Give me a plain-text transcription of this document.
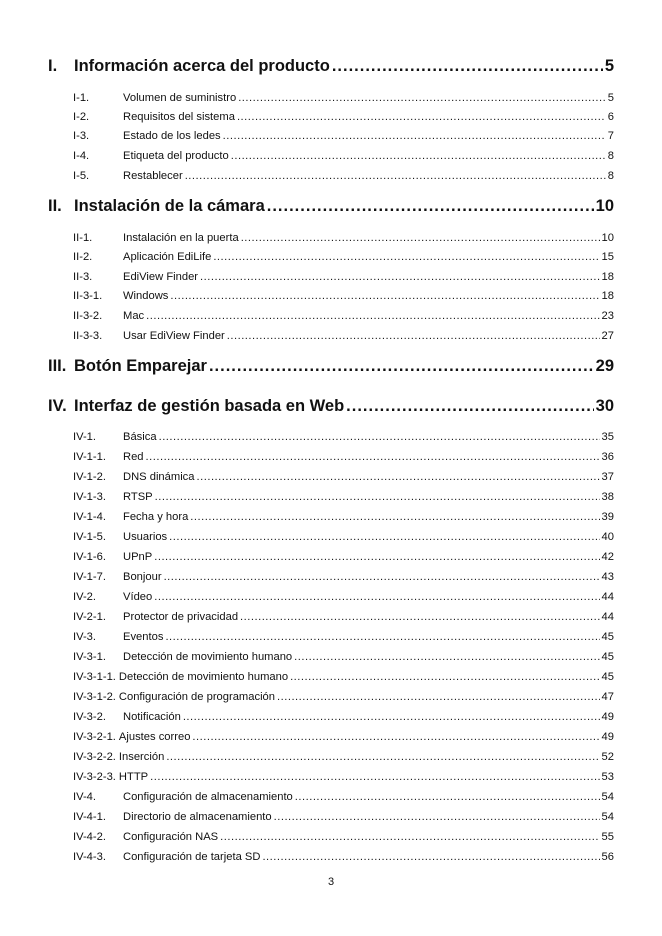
I.	Información acerca del producto .....	5
I-1.	Volumen de suministro .....	5
I-2.	Requisitos del sistema .....	6
I-3.	Estado de los ledes .....	7
I-4.	Etiqueta del producto .....	8
I-5.	Restablecer .....	8
II. Instalación de la cámara .....	10
II-1.	Instalación en la puerta .....	10
II-2.	Aplicación EdiLife .....	15
II-3.	EdiView Finder .....	18
II-3-1.	Windows .....	18
II-3-2.	Mac .....	23
II-3-3.	Usar EdiView Finder .....	27
III. Botón Emparejar .....	29
IV. Interfaz de gestión basada en Web .....	30
IV-1.	Básica .....	35
IV-1-1.	Red .....	36
IV-1-2.	DNS dinámica .....	37
IV-1-3.	RTSP .....	38
IV-1-4.	Fecha y hora .....	39
IV-1-5.	Usuarios .....	40
IV-1-6.	UPnP .....	42
IV-1-7.	Bonjour .....	43
IV-2.	Vídeo .....	44
IV-2-1.	Protector de privacidad .....	44
IV-3.	Eventos .....	45
IV-3-1.	Detección de movimiento humano .....	45
IV-3-1-1. Detección de movimiento humano .....	45
IV-3-1-2. Configuración de programación .....	47
IV-3-2.	Notificación .....	49
IV-3-2-1. Ajustes correo .....	49
IV-3-2-2. Inserción .....	52
IV-3-2-3. HTTP .....	53
IV-4.	Configuración de almacenamiento .....	54
IV-4-1.	Directorio de almacenamiento .....	54
IV-4-2.	Configuración NAS .....	55
IV-4-3.	Configuración de tarjeta SD .....	56
3
